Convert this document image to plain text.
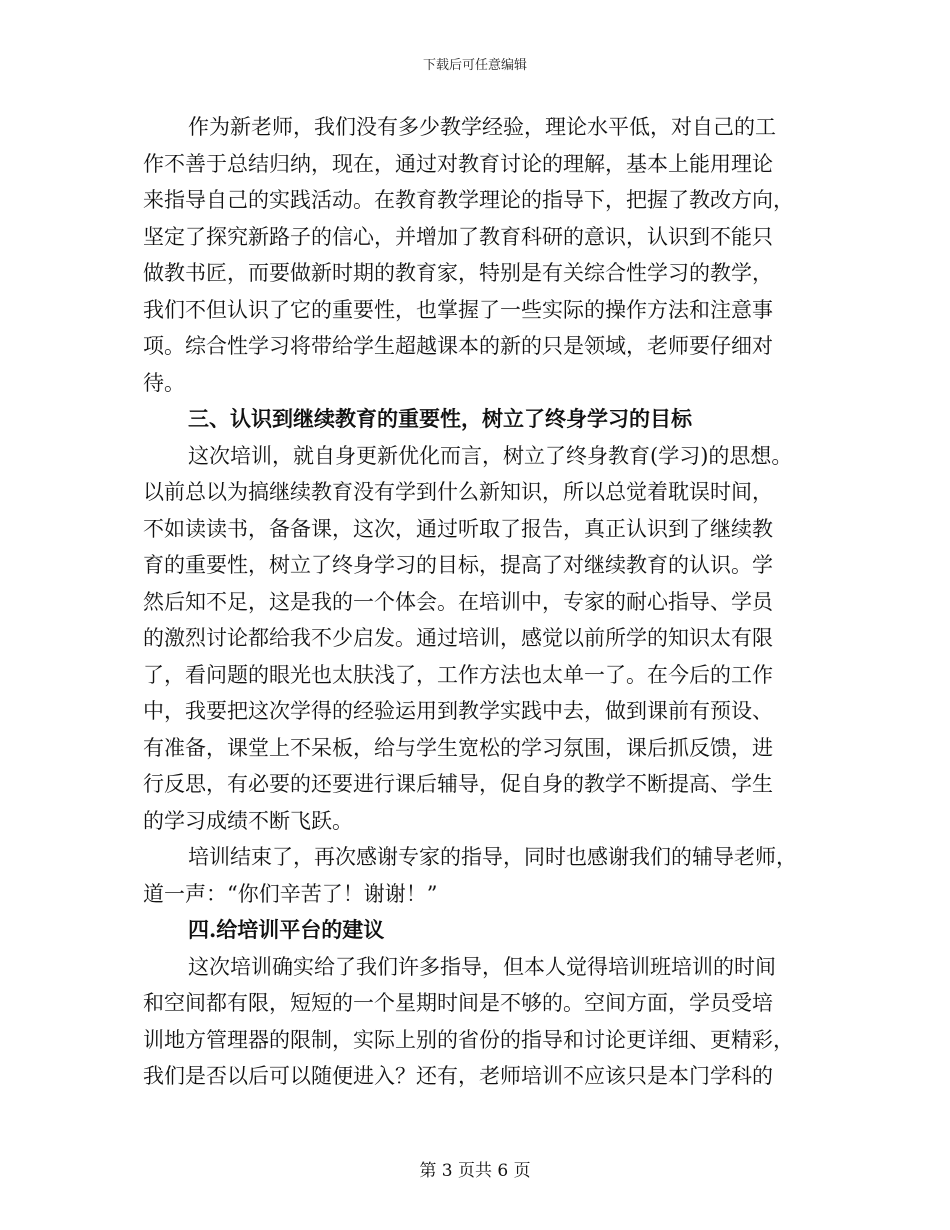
下载后可任意编辑
作为新老师，我们没有多少教学经验，理论水平低，对自己的工
作不善于总结归纳，现在，通过对教育讨论的理解，基本上能用理论
来指导自己的实践活动。在教育教学理论的指导下，把握了教改方向，
坚定了探究新路子的信心，并增加了教育科研的意识，认识到不能只
做教书匠，而要做新时期的教育家，特别是有关综合性学习的教学，
我们不但认识了它的重要性，也掌握了一些实际的操作方法和注意事
项。综合性学习将带给学生超越课本的新的只是领域，老师要仔细对
待。
三、认识到继续教育的重要性，树立了终身学习的目标
这次培训，就自身更新优化而言，树立了终身教育(学习)的思想。
以前总以为搞继续教育没有学到什么新知识，所以总觉着耽误时间，
不如读读书，备备课，这次，通过听取了报告，真正认识到了继续教
育的重要性，树立了终身学习的目标，提高了对继续教育的认识。学
然后知不足，这是我的一个体会。在培训中，专家的耐心指导、学员
的激烈讨论都给我不少启发。通过培训，感觉以前所学的知识太有限
了，看问题的眼光也太肤浅了，工作方法也太单一了。在今后的工作
中，我要把这次学得的经验运用到教学实践中去，做到课前有预设、
有准备，课堂上不呆板，给与学生宽松的学习氛围，课后抓反馈，进
行反思，有必要的还要进行课后辅导，促自身的教学不断提高、学生
的学习成绩不断飞跃。
培训结束了，再次感谢专家的指导，同时也感谢我们的辅导老师，
道一声：“你们辛苦了！谢谢！”
四.给培训平台的建议
这次培训确实给了我们许多指导，但本人觉得培训班培训的时间
和空间都有限，短短的一个星期时间是不够的。空间方面，学员受培
训地方管理器的限制，实际上别的省份的指导和讨论更详细、更精彩，
我们是否以后可以随便进入？还有，老师培训不应该只是本门学科的
第 3 页共 6 页
